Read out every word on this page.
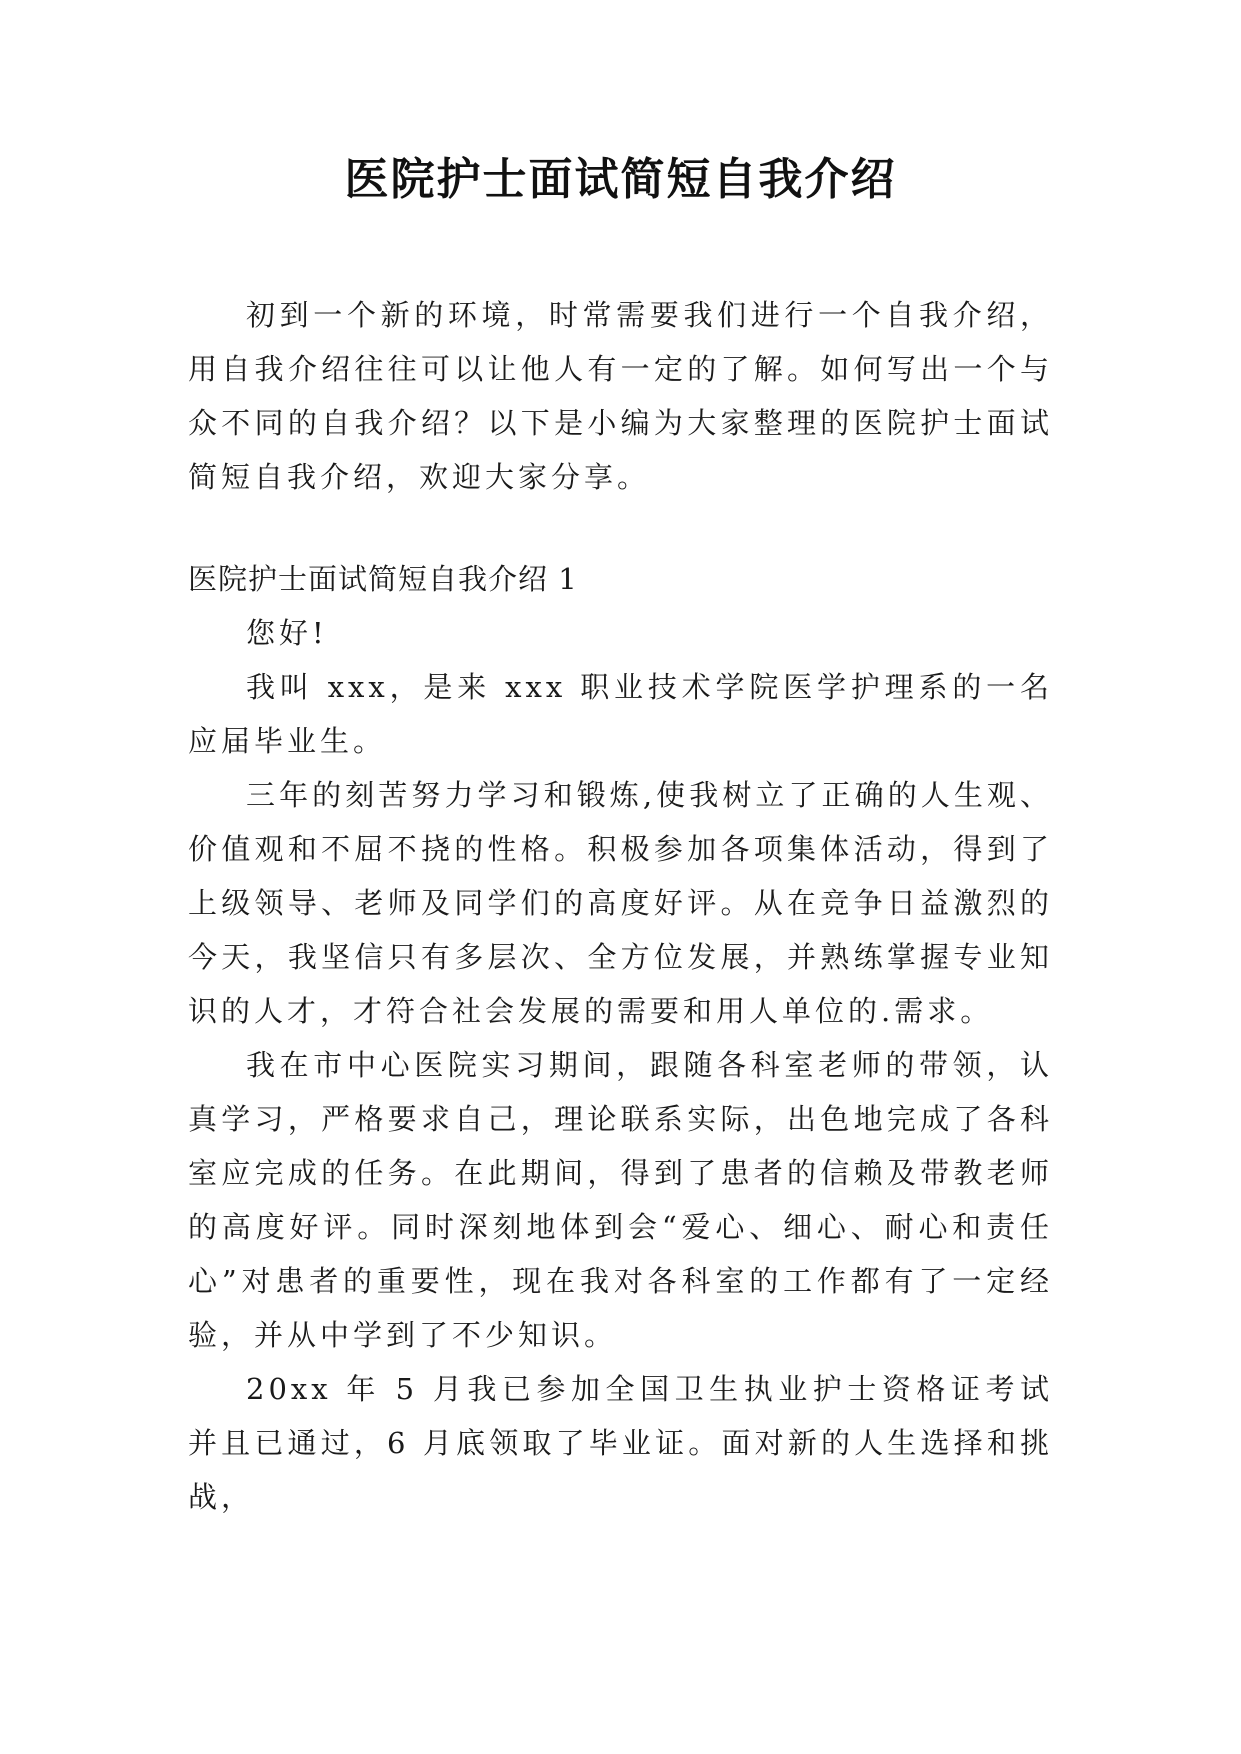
医院护士面试简短自我介绍

初到一个新的环境，时常需要我们进行一个自我介绍，用自我介绍往往可以让他人有一定的了解。如何写出一个与众不同的自我介绍？以下是小编为大家整理的医院护士面试简短自我介绍，欢迎大家分享。

医院护士面试简短自我介绍 1

您好!

我叫 xxx，是来 xxx 职业技术学院医学护理系的一名应届毕业生。

三年的刻苦努力学习和锻炼,使我树立了正确的人生观、价值观和不屈不挠的性格。积极参加各项集体活动，得到了上级领导、老师及同学们的高度好评。从在竞争日益激烈的今天，我坚信只有多层次、全方位发展，并熟练掌握专业知识的人才，才符合社会发展的需要和用人单位的.需求。

我在市中心医院实习期间，跟随各科室老师的带领，认真学习，严格要求自己，理论联系实际，出色地完成了各科室应完成的任务。在此期间，得到了患者的信赖及带教老师的高度好评。同时深刻地体到会“爱心、细心、耐心和责任心”对患者的重要性，现在我对各科室的工作都有了一定经验，并从中学到了不少知识。

20xx 年 5 月我已参加全国卫生执业护士资格证考试并且已通过，6 月底领取了毕业证。面对新的人生选择和挑战，
